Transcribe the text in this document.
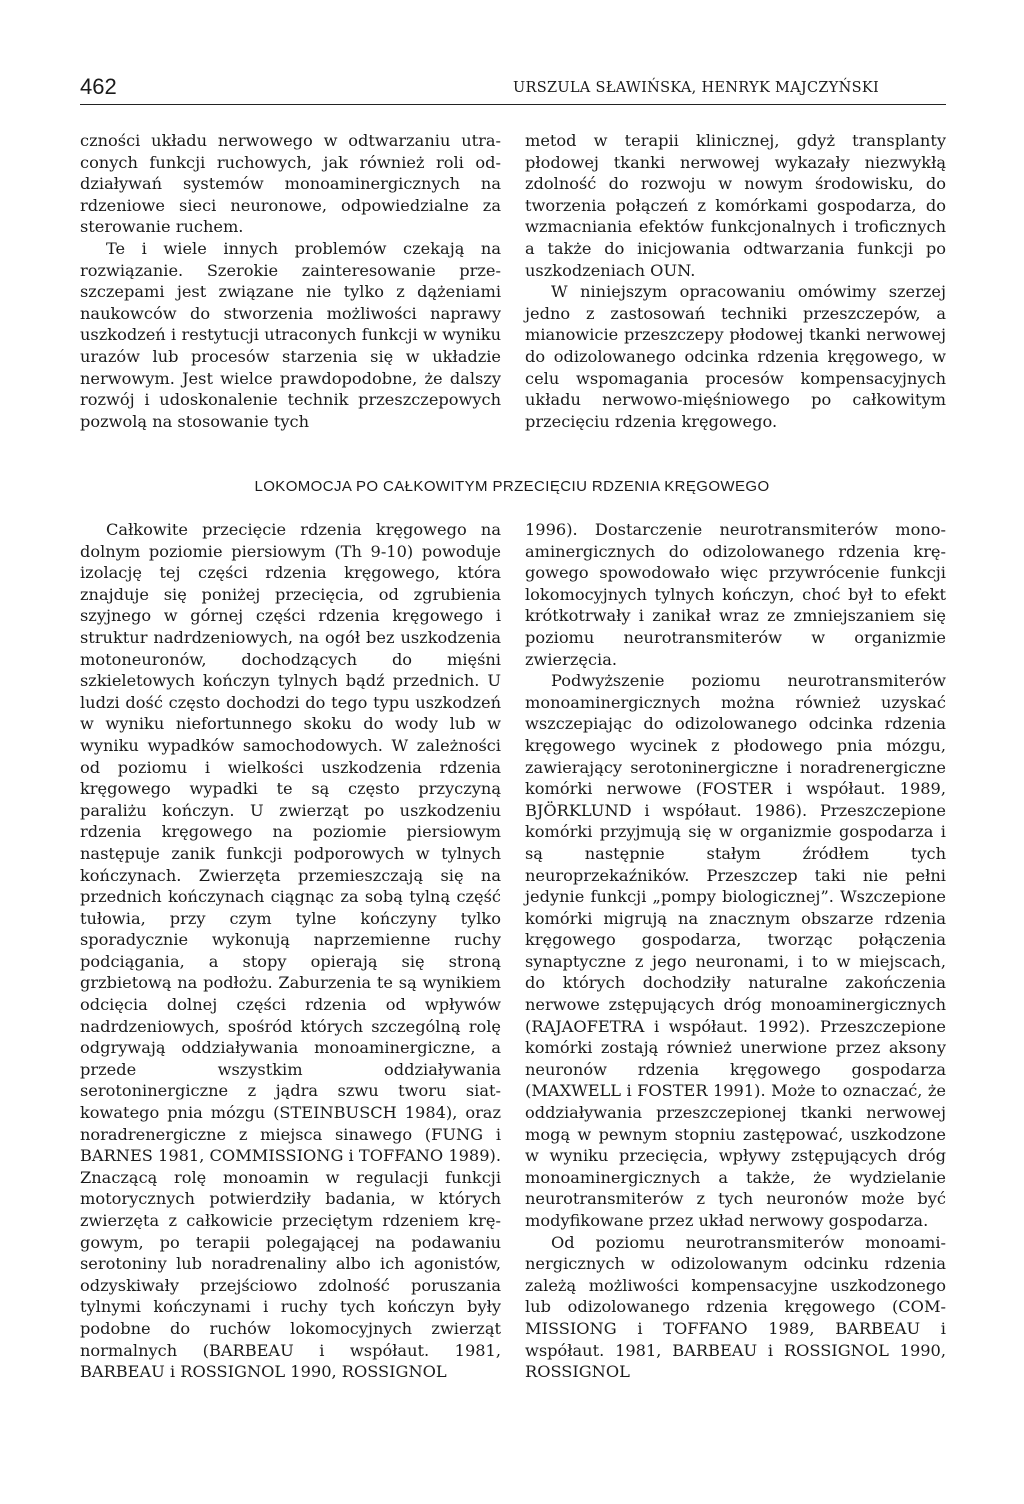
462	URSZULA SŁAWIŃSKA, HENRYK MAJCZYŃSKI

czności układu nerwowego w odtwarzaniu utraconych funkcji ruchowych, jak również roli oddziaływań systemów monoaminergicznych na rdzeniowe sieci neuronowe, odpowiedzialne za sterowanie ruchem.

Te i wiele innych problemów czekają na rozwiązanie. Szerokie zainteresowanie przeszczepami jest związane nie tylko z dążeniami naukowców do stworzenia możliwości naprawy uszkodzeń i restytucji utraconych funkcji w wyniku urazów lub procesów starzenia się w układzie nerwowym. Jest wielce prawdopodobne, że dalszy rozwój i udoskonalenie technik przeszczepowych pozwolą na stosowanie tych

metod w terapii klinicznej, gdyż transplanty płodowej tkanki nerwowej wykazały niezwykłą zdolność do rozwoju w nowym środowisku, do tworzenia połączeń z komórkami gospodarza, do wzmacniania efektów funkcjonalnych i troficznych a także do inicjowania odtwarzania funkcji po uszkodzeniach OUN.

W niniejszym opracowaniu omówimy szerzej jedno z zastosowań techniki przeszczepów, a mianowicie przeszczepy płodowej tkanki nerwowej do odizolowanego odcinka rdzenia kręgowego, w celu wspomagania procesów kompensacyjnych układu nerwowo-mięśniowego po całkowitym przecięciu rdzenia kręgowego.

LOKOMOCJA PO CAŁKOWITYM PRZECIĘCIU RDZENIA KRĘGOWEGO

Całkowite przecięcie rdzenia kręgowego na dolnym poziomie piersiowym (Th 9-10) powoduje izolację tej części rdzenia kręgowego, która znajduje się poniżej przecięcia, od zgrubienia szyjnego w górnej części rdzenia kręgowego i struktur nadrdzeniowych, na ogół bez uszkodzenia motoneuronów, dochodzących do mięśni szkieletowych kończyn tylnych bądź przednich. U ludzi dość często dochodzi do tego typu uszkodzeń w wyniku niefortunnego skoku do wody lub w wyniku wypadków samochodowych. W zależności od poziomu i wielkości uszkodzenia rdzenia kręgowego wypadki te są często przyczyną paraliżu kończyn. U zwierząt po uszkodzeniu rdzenia kręgowego na poziomie piersiowym następuje zanik funkcji podporowych w tylnych kończynach. Zwierzęta przemieszczają się na przednich kończynach ciągnąc za sobą tylną część tułowia, przy czym tylne kończyny tylko sporadycznie wykonują naprzemienne ruchy podciągania, a stopy opierają się stroną grzbietową na podłożu. Zaburzenia te są wynikiem odcięcia dolnej części rdzenia od wpływów nadrdzeniowych, spośród których szczególną rolę odgrywają oddziaływania monoaminergiczne, a przede wszystkim oddziaływania serotoninergiczne z jądra szwu tworu siatkowatego pnia mózgu (STEINBUSCH 1984), oraz noradrenergiczne z miejsca sinawego (FUNG i BARNES 1981, COMMISSIONG i TOFFANO 1989). Znaczącą rolę monoamin w regulacji funkcji motorycznych potwierdziły badania, w których zwierzęta z całkowicie przeciętym rdzeniem kręgowym, po terapii polegającej na podawaniu serotoniny lub noradrenaliny albo ich agonistów, odzyskiwały przejściowo zdolność poruszania tylnymi kończynami i ruchy tych kończyn były podobne do ruchów lokomocyjnych zwierząt normalnych (BARBEAU i współaut. 1981, BARBEAU i ROSSIGNOL 1990, ROSSIGNOL

1996). Dostarczenie neurotransmiterów monoaminergicznych do odizolowanego rdzenia kręgowego spowodowało więc przywrócenie funkcji lokomocyjnych tylnych kończyn, choć był to efekt krótkotrwały i zanikał wraz ze zmniejszaniem się poziomu neurotransmiterów w organizmie zwierzęcia.

Podwyższenie poziomu neurotransmiterów monoaminergicznych można również uzyskać wszczepiając do odizolowanego odcinka rdzenia kręgowego wycinek z płodowego pnia mózgu, zawierający serotoninergiczne i noradrenergiczne komórki nerwowe (FOSTER i współaut. 1989, BJÖRKLUND i współaut. 1986). Przeszczepione komórki przyjmują się w organizmie gospodarza i są następnie stałym źródłem tych neuroprzekaźników. Przeszczep taki nie pełni jedynie funkcji „pompy biologicznej”. Wszczepione komórki migrują na znacznym obszarze rdzenia kręgowego gospodarza, tworząc połączenia synaptyczne z jego neuronami, i to w miejscach, do których dochodziły naturalne zakończenia nerwowe zstępujących dróg monoaminergicznych (RAJAOFETRA i współaut. 1992). Przeszczepione komórki zostają również unerwione przez aksony neuronów rdzenia kręgowego gospodarza (MAXWELL i FOSTER 1991). Może to oznaczać, że oddziaływania przeszczepionej tkanki nerwowej mogą w pewnym stopniu zastępować, uszkodzone w wyniku przecięcia, wpływy zstępujących dróg monoaminergicznych a także, że wydzielanie neurotransmiterów z tych neuronów może być modyfikowane przez układ nerwowy gospodarza.

Od poziomu neurotransmiterów monoaminergicznych w odizolowanym odcinku rdzenia zależą możliwości kompensacyjne uszkodzonego lub odizolowanego rdzenia kręgowego (COMMISSIONG i TOFFANO 1989, BARBEAU i współaut. 1981, BARBEAU i ROSSIGNOL 1990, ROSSIGNOL
